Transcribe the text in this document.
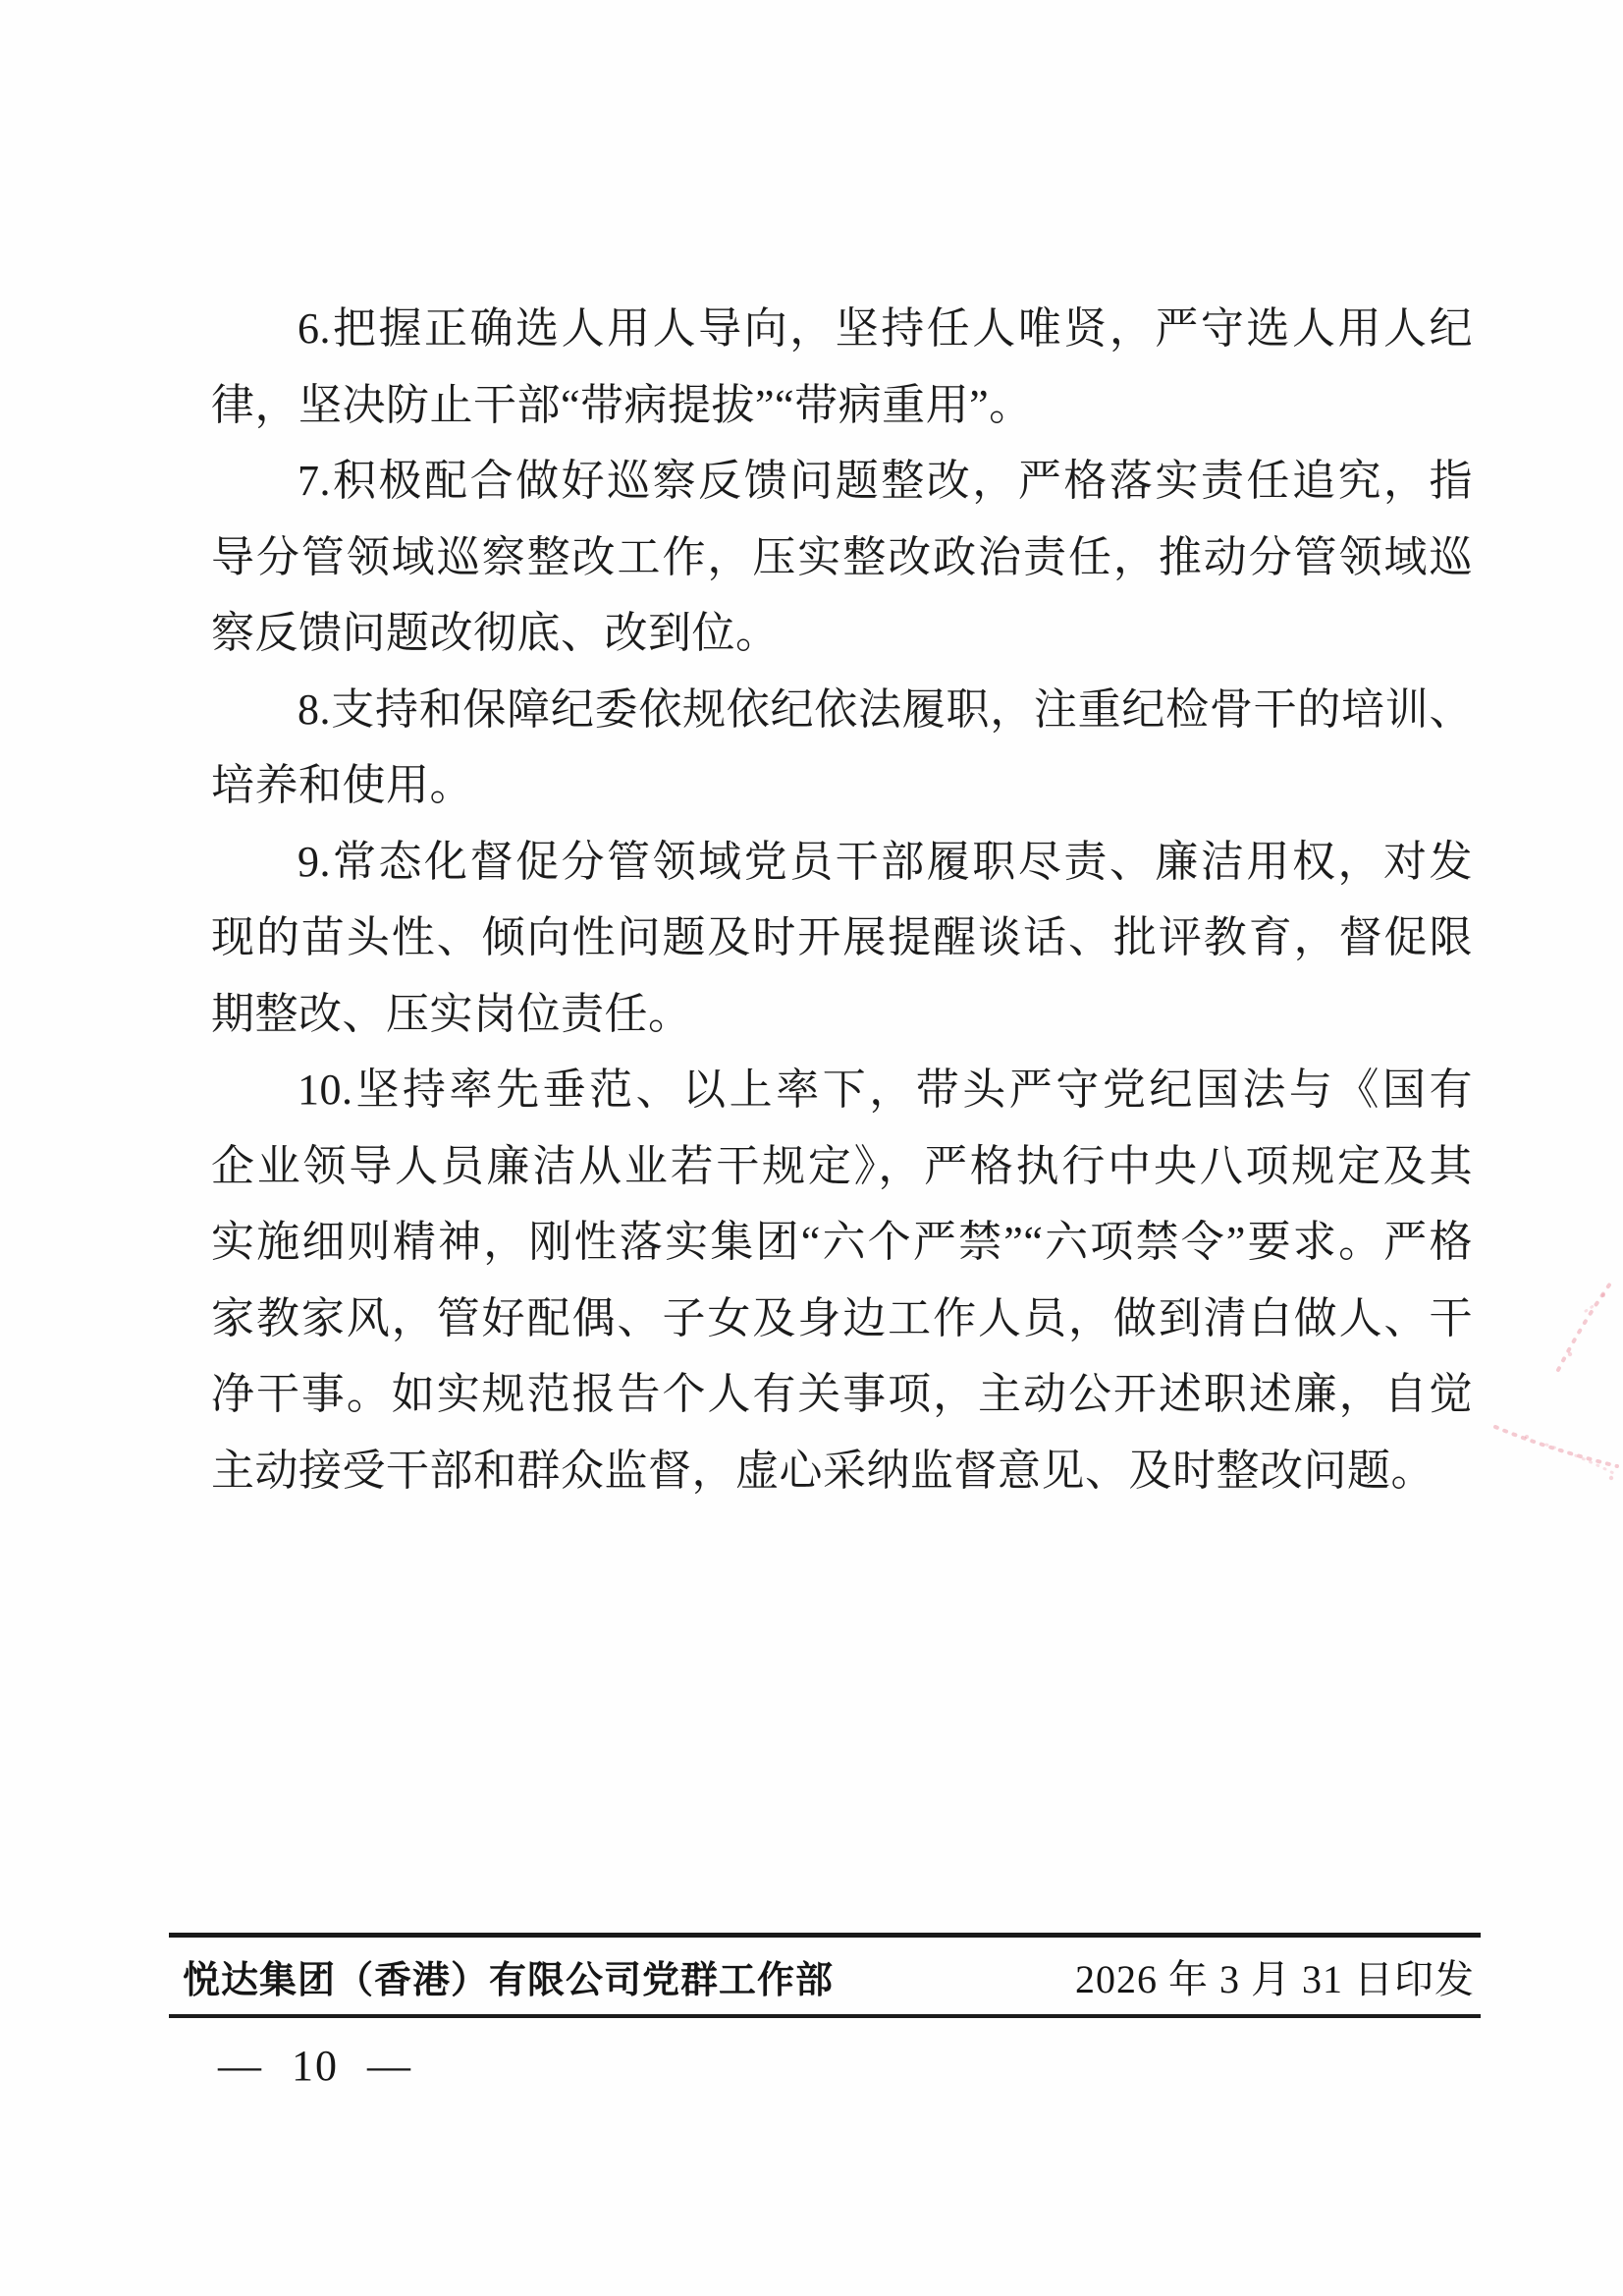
6.把握正确选人用人导向，坚持任人唯贤，严守选人用人纪
律，坚决防止干部“带病提拔”“带病重用”。
7.积极配合做好巡察反馈问题整改，严格落实责任追究，指
导分管领域巡察整改工作，压实整改政治责任，推动分管领域巡
察反馈问题改彻底、改到位。
8.支持和保障纪委依规依纪依法履职，注重纪检骨干的培训、
培养和使用。
9.常态化督促分管领域党员干部履职尽责、廉洁用权，对发
现的苗头性、倾向性问题及时开展提醒谈话、批评教育，督促限
期整改、压实岗位责任。
10.坚持率先垂范、以上率下，带头严守党纪国法与《国有
企业领导人员廉洁从业若干规定》，严格执行中央八项规定及其
实施细则精神，刚性落实集团“六个严禁”“六项禁令”要求。严格
家教家风，管好配偶、子女及身边工作人员，做到清白做人、干
净干事。如实规范报告个人有关事项，主动公开述职述廉，自觉
主动接受干部和群众监督，虚心采纳监督意见、及时整改问题。
悦达集团（香港）有限公司党群工作部	2026 年 3 月 31 日印发
— 10 —
